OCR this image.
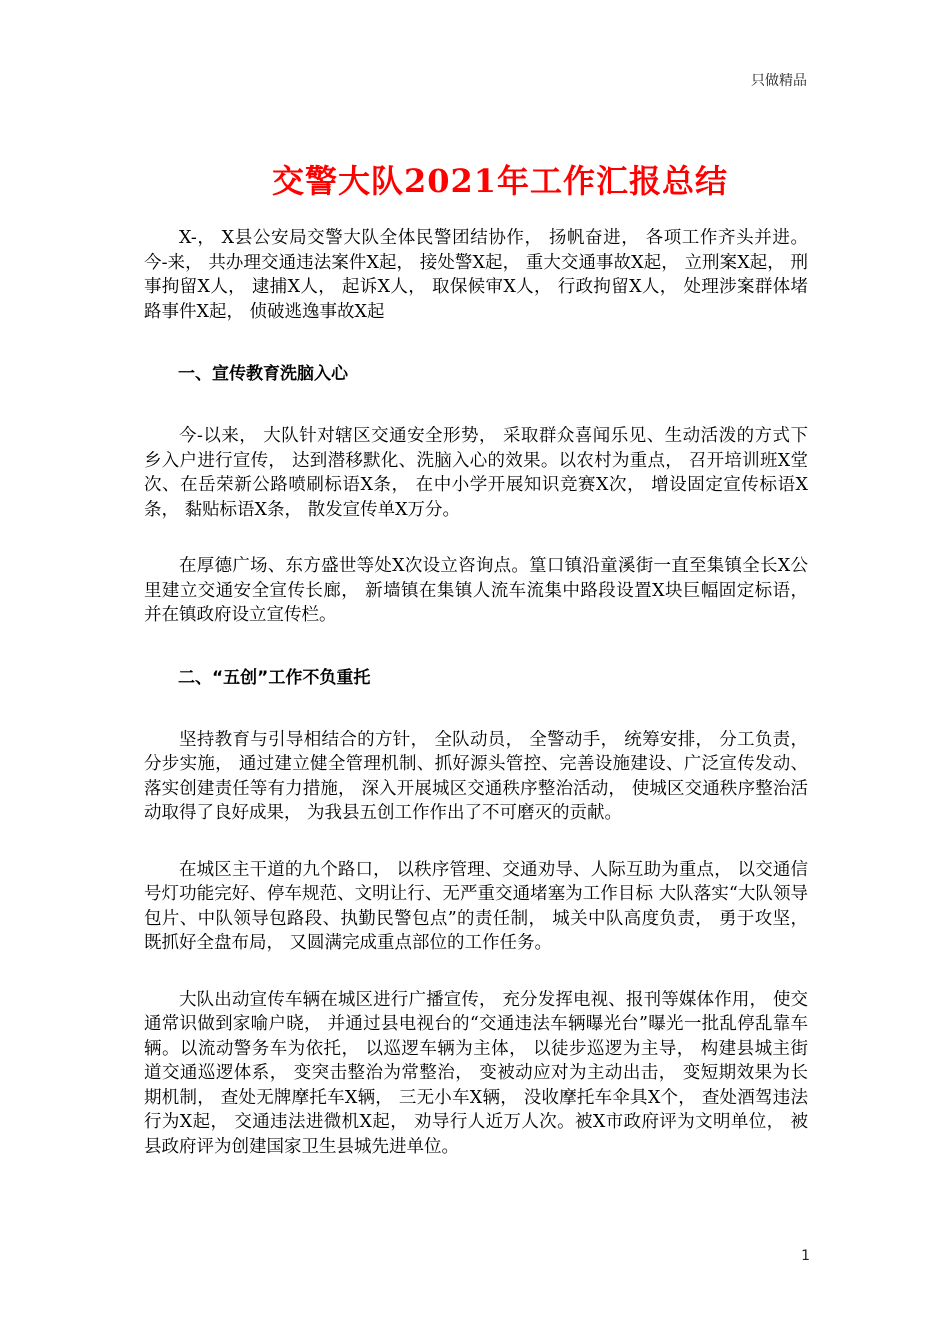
只做精品
交警大队2021年工作汇报总结

X-， X县公安局交警大队全体民警团结协作， 扬帆奋进， 各项工作齐头并进。今-来， 共办理交通违法案件X起， 接处警X起， 重大交通事故X起， 立刑案X起， 刑事拘留X人， 逮捕X人， 起诉X人， 取保候审X人， 行政拘留X人， 处理涉案群体堵路事件X起， 侦破逃逸事故X起

一、宣传教育洗脑入心

今-以来， 大队针对辖区交通安全形势， 采取群众喜闻乐见、生动活泼的方式下乡入户进行宣传， 达到潜移默化、洗脑入心的效果。以农村为重点， 召开培训班X堂次、在岳荣新公路喷刷标语X条， 在中小学开展知识竞赛X次， 增设固定宣传标语X条， 黏贴标语X条， 散发宣传单X万分。

在厚德广场、东方盛世等处X次设立咨询点。篁口镇沿童溪街一直至集镇全长X公里建立交通安全宣传长廊， 新墙镇在集镇人流车流集中路段设置X块巨幅固定标语， 并在镇政府设立宣传栏。

二、“五创”工作不负重托

坚持教育与引导相结合的方针， 全队动员， 全警动手， 统筹安排， 分工负责， 分步实施， 通过建立健全管理机制、抓好源头管控、完善设施建设、广泛宣传发动、落实创建责任等有力措施， 深入开展城区交通秩序整治活动， 使城区交通秩序整治活动取得了良好成果， 为我县五创工作作出了不可磨灭的贡献。

在城区主干道的九个路口， 以秩序管理、交通劝导、人际互助为重点， 以交通信号灯功能完好、停车规范、文明让行、无严重交通堵塞为工作目标 大队落实“大队领导包片、中队领导包路段、执勤民警包点”的责任制， 城关中队高度负责， 勇于攻坚， 既抓好全盘布局， 又圆满完成重点部位的工作任务。

大队出动宣传车辆在城区进行广播宣传， 充分发挥电视、报刊等媒体作用， 使交通常识做到家喻户晓， 并通过县电视台的“交通违法车辆曝光台”曝光一批乱停乱靠车辆。以流动警务车为依托， 以巡逻车辆为主体， 以徒步巡逻为主导， 构建县城主街道交通巡逻体系， 变突击整治为常整治， 变被动应对为主动出击， 变短期效果为长期机制， 查处无牌摩托车X辆， 三无小车X辆， 没收摩托车伞具X个， 查处酒驾违法行为X起， 交通违法进微机X起， 劝导行人近万人次。被X市政府评为文明单位， 被县政府评为创建国家卫生县城先进单位。

1
